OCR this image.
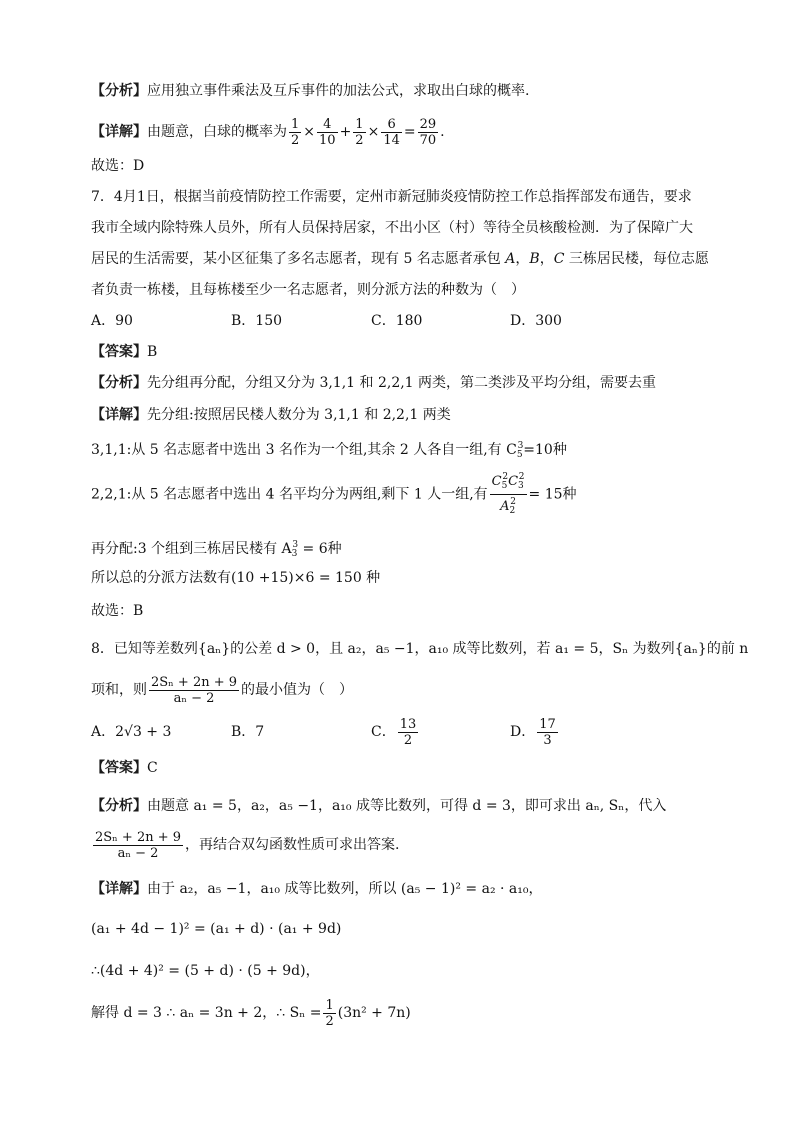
【分析】应用独立事件乘法及互斥事件的加法公式，求取出白球的概率.
【详解】由题意，白球的概率为 $\frac{1}{2} \times \frac{4}{10} + \frac{1}{2} \times \frac{6}{14} = \frac{29}{70}$ .
故选：D
7．4月1日，根据当前疫情防控工作需要，定州市新冠肺炎疫情防控工作总指挥部发布通告，要求
我市全域内除特殊人员外，所有人员保持居家，不出小区（村）等待全员核酸检测．为了保障广大
居民的生活需要，某小区征集了多名志愿者，现有 5 名志愿者承包 A，B，C 三栋居民楼，每位志愿
者负责一栋楼，且每栋楼至少一名志愿者，则分派方法的种数为（　）
A．90	B．150	C．180	D．300
【答案】B
【分析】先分组再分配，分组又分为 3,1,1 和 2,2,1 两类，第二类涉及平均分组，需要去重
【详解】先分组:按照居民楼人数分为 3,1,1 和 2,2,1 两类
3,1,1:从 5 名志愿者中选出 3 名作为一个组,其余 2 人各自一组,有 $C_5^3=10$种
2,2,1:从 5 名志愿者中选出 4 名平均分为两组,剩下 1 人一组,有 $\frac{C_5^2C_3^2}{A_2^2} = 15$种
再分配:3 个组到三栋居民楼有 $A_3^3 = 6$种
所以总的分派方法数有(10 +15)×6 = 150 种
故选：B
8．已知等差数列{aₙ}的公差 d > 0，且 a₂，a₅ −1，a₁₀ 成等比数列，若 a₁ = 5，Sₙ 为数列{aₙ}的前 n
项和，则 $\frac{\text{2Sₙ + 2n + 9}}{\text{aₙ − 2}}$ 的最小值为（　）
A．2√3 + 3	B．7	C． $\frac{13}{2}$	D． $\frac{17}{3}$
【答案】C
【分析】由题意 a₁ = 5，a₂，a₅ −1，a₁₀ 成等比数列，可得 d = 3，即可求出 aₙ, Sₙ，代入
$\frac{\text{2Sₙ + 2n + 9}}{\text{aₙ − 2}}$ ，再结合双勾函数性质可求出答案.
【详解】由于 a₂，a₅ −1，a₁₀ 成等比数列，所以 (a₅ − 1)² = a₂ · a₁₀，
(a₁ + 4d − 1)² = (a₁ + d) · (a₁ + 9d)
∴(4d + 4)² = (5 + d) · (5 + 9d)，
解得 d = 3 ∴ aₙ = 3n + 2，∴ $S_n = \frac{1}{2} (3n^2 + 7n)$
